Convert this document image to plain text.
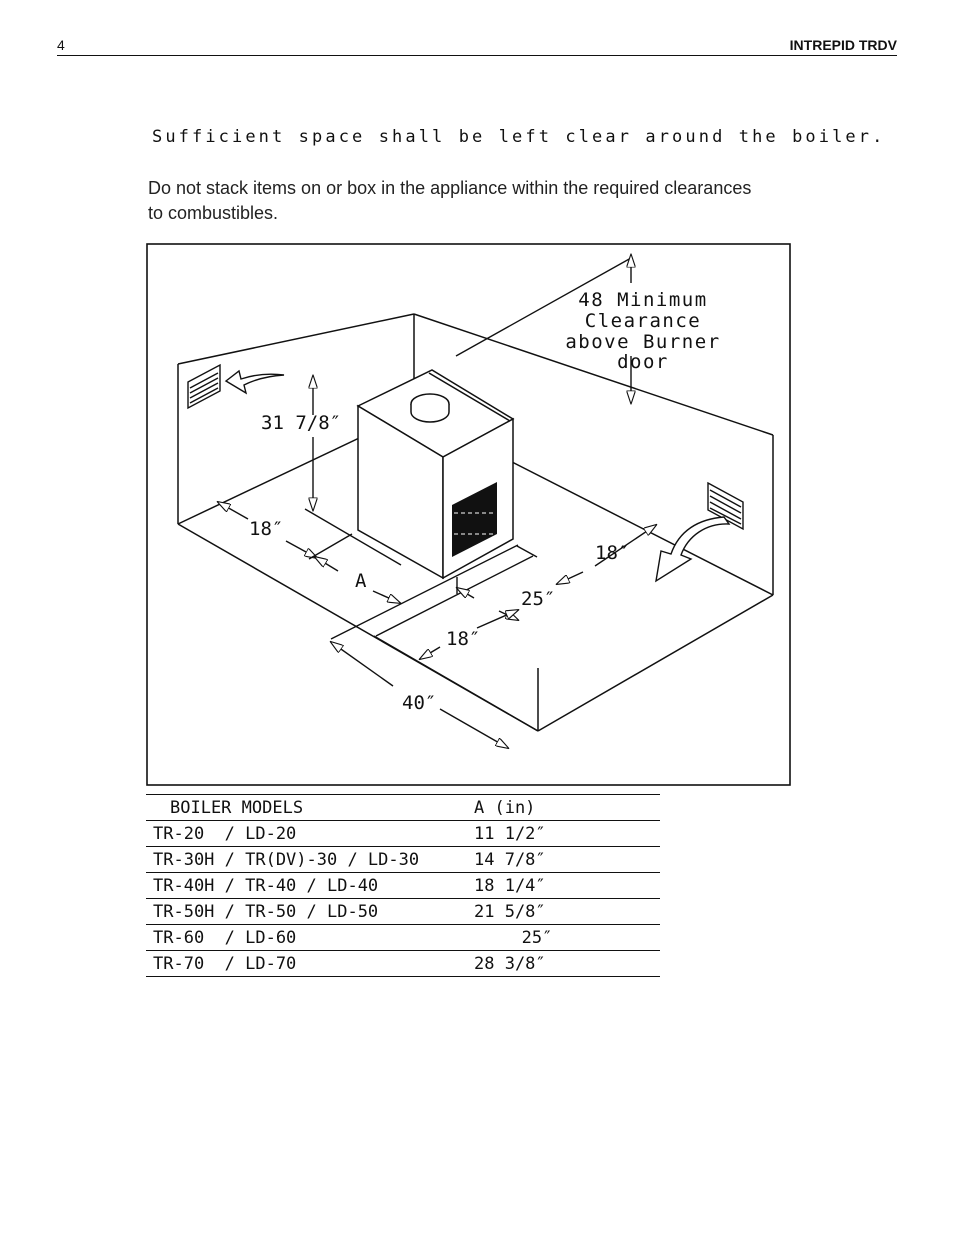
4	INTREPID TRDV
Sufficient space shall be left clear around the boiler.
Do not stack items on or box in the appliance within the required clearances to combustibles.
48 Minimum
Clearance
above Burner
door
31 7/8″
18″
A
18″
25″
18″
40″
BOILER MODELS	A (in)
TR-20  / LD-20	11 1/2″
TR-30H / TR(DV)-30 / LD-30	14 7/8″
TR-40H / TR-40 / LD-40	18 1/4″
TR-50H / TR-50 / LD-50	21 5/8″
TR-60  / LD-60	25″
TR-70  / LD-70	28 3/8″
